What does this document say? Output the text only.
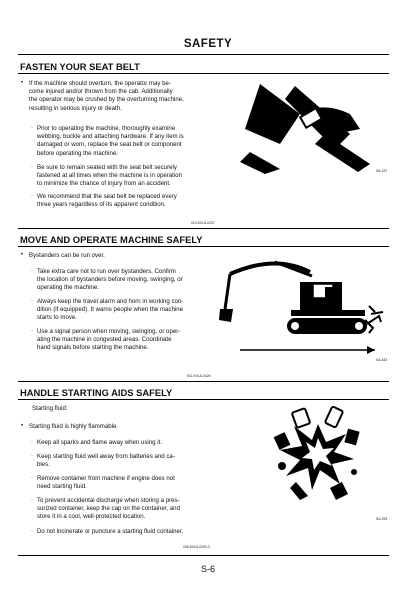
SAFETY
FASTEN YOUR SEAT BELT
• If the machine should overturn, the operator may be-
come injured and/or thrown from the cab. Additionally
the operator may be crushed by the overturning machine,
resulting in serious injury or death.
· Prior to operating the machine, thoroughly examine
webbing, buckle and attaching hardware. If any item is
damaged or worn, replace the seat belt or component
before operating the machine.
· Be sure to remain seated with the seat belt securely
fastened at all times when the machine is in operation
to minimize the chance of injury from an accident.
· We recommend that the seat belt be replaced every
three years regardless of its apparent condition.
010-E01A-0237
SA-237
MOVE AND OPERATE MACHINE SAFELY
• Bystanders can be run over.
· Take extra care not to run over bystanders. Confirm
the location of bystanders before moving, swinging, or
operating the machine.
· Always keep the travel alarm and horn in working con-
dition (if equipped). It warns people when the machine
starts to move.
· Use a signal person when moving, swinging, or oper-
ating the machine in congested areas. Coordinate
hand signals before starting the machine.
011-E01A-0426
SA-643
HANDLE STARTING AIDS SAFELY
Starting fluid:
• Starting fluid is highly flammable.
· Keep all sparks and flame away when using it.
· Keep starting fluid well away from batteries and ca-
bles.
· Remove container from machine if engine does not
need starting fluid.
· To prevent accidental discharge when storing a pres-
surized container, keep the cap on the container, and
store it in a cool, well-protected location.
· Do not incinerate or puncture a starting fluid container.
036-E01A-0293-3
SA-293
S-6
